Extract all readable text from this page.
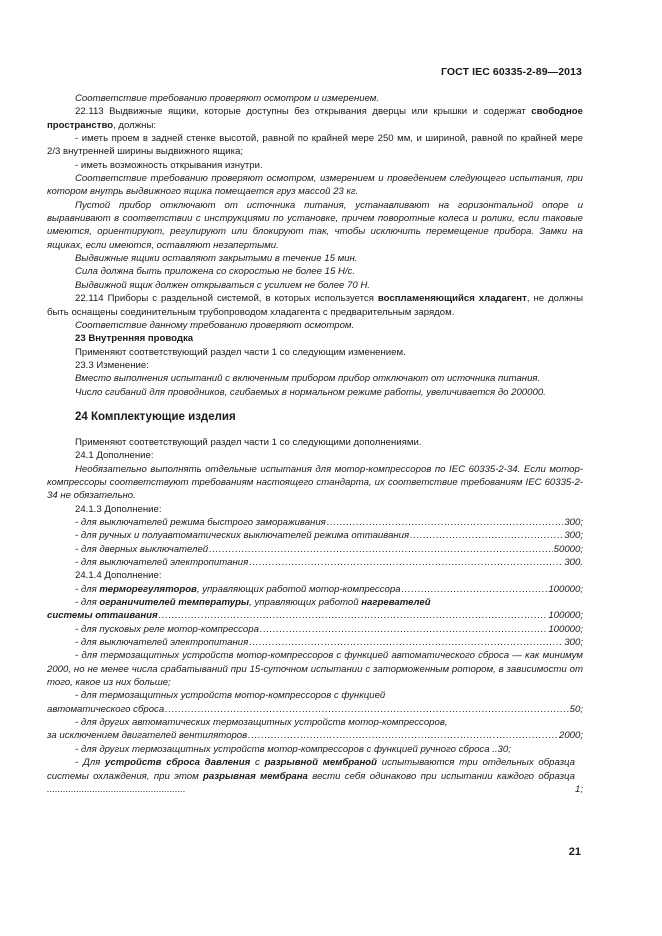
ГОСТ IEC 60335-2-89—2013
Соответствие требованию проверяют осмотром и измерением.
22.113 Выдвижные ящики, которые доступны без открывания дверцы или крышки и содержат свободное пространство, должны:
- иметь проем в задней стенке высотой, равной по крайней мере 250 мм, и шириной, равной по крайней мере 2/3 внутренней ширины выдвижного ящика;
- иметь возможность открывания изнутри.
Соответствие требованию проверяют осмотром, измерением и проведением следующего испытания, при котором внутрь выдвижного ящика помещается груз массой 23 кг.
Пустой прибор отключают от источника питания, устанавливают на горизонтальной опоре и выравнивают в соответствии с инструкциями по установке, причем поворотные колеса и ролики, если таковые имеются, ориентируют, регулируют или блокируют так, чтобы исключить перемещение прибора. Замки на ящиках, если имеются, оставляют незапертыми.
Выдвижные ящики оставляют закрытыми в течение 15 мин.
Сила должна быть приложена со скоростью не более 15 Н/с.
Выдвижной ящик должен открываться с усилием не более 70 Н.
22.114 Приборы с раздельной системой, в которых используется воспламеняющийся хладагент, не должны быть оснащены соединительным трубопроводом хладагента с предварительным зарядом.
Соответствие данному требованию проверяют осмотром.
23 Внутренняя проводка
Применяют соответствующий раздел части 1 со следующим изменением.
23.3 Изменение:
Вместо выполнения испытаний с включенным прибором прибор отключают от источника питания.
Число сгибаний для проводников, сгибаемых в нормальном режиме работы, увеличивается до 200000.
24 Комплектующие изделия
Применяют соответствующий раздел части 1 со следующими дополнениями.
24.1 Дополнение:
Необязательно выполнять отдельные испытания для мотор-компрессоров по IEC 60335-2-34. Если мотор-компрессоры соответствуют требованиям настоящего стандарта, их соответствие требованиям IEC 60335-2-34 не обязательно.
24.1.3 Дополнение:
- для выключателей режима быстрого замораживания .....	300;
- для ручных и полуавтоматических выключателей режима оттаивания .....	300;
- для дверных выключателей .....	50000;
- для выключателей электропитания .....	300.
24.1.4 Дополнение:
- для терморегуляторов, управляющих работой мотор-компрессора .....	100000;
- для ограничителей температуры, управляющих работой нагревателей
системы оттаивания .....	100000;
- для пусковых реле мотор-компрессора .....	100000;
- для выключателей электропитания .....	300;
- для термозащитных устройств мотор-компрессоров с функцией автоматического сброса — как минимум 2000, но не менее числа срабатываний при 15-суточном испытании с заторможенным ротором, в зависимости от того, какое из них больше;
- для термозащитных устройств мотор-компрессоров с функцией
автоматического сброса .....	50;
- для других автоматических термозащитных устройств мотор-компрессоров,
за исключением двигателей вентиляторов .....	2000;
- для других термозащитных устройств мотор-компрессоров с функцией ручного сброса ..30;
- Для устройств сброса давления с разрывной мембраной испытываются три отдельных образца системы охлаждения, при этом разрывная мембрана вести себя одинаково при испытании каждого образца ....................................................	1;
21
